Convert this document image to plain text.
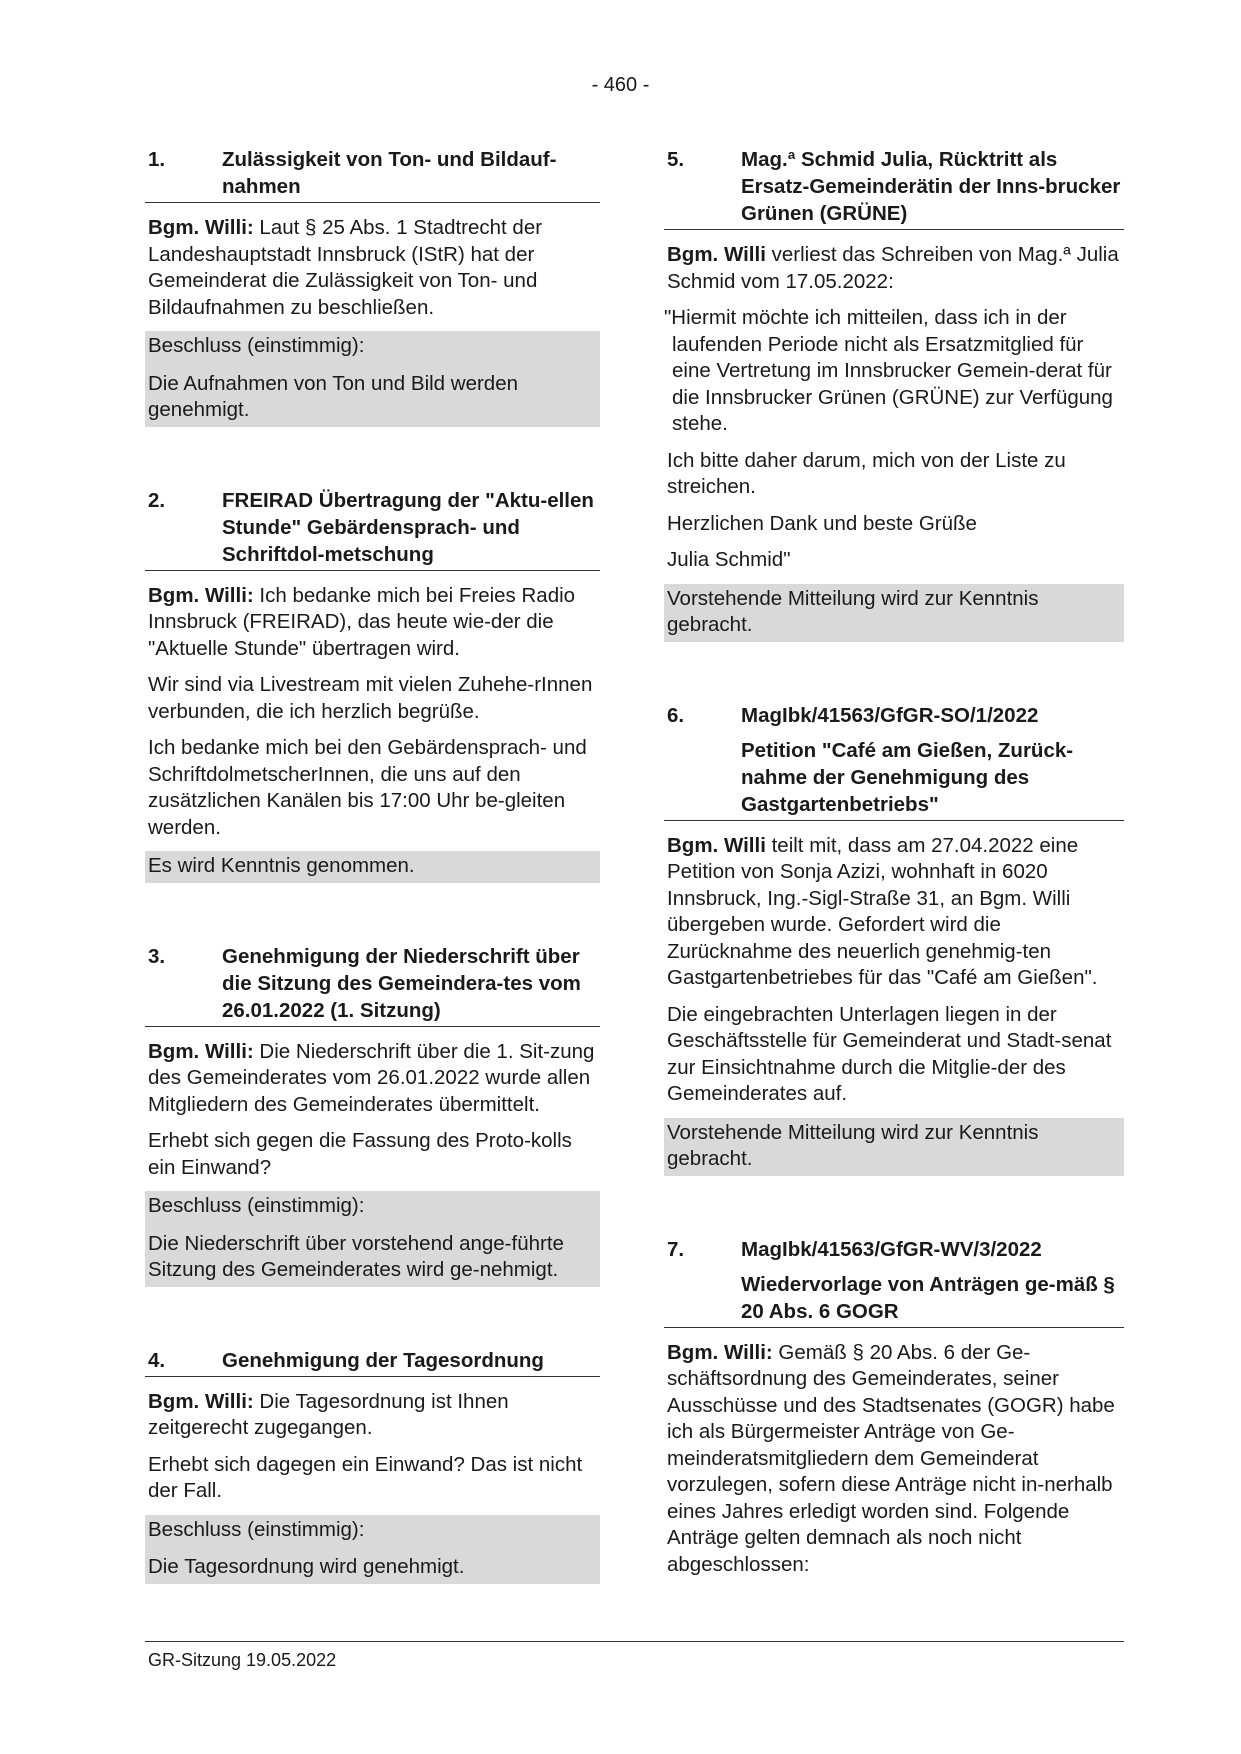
- 460 -
1.	Zulässigkeit von Ton- und Bildauf-nahmen

Bgm. Willi: Laut § 25 Abs. 1 Stadtrecht der Landeshauptstadt Innsbruck (IStR) hat der Gemeinderat die Zulässigkeit von Ton- und Bildaufnahmen zu beschließen.

Beschluss (einstimmig):
Die Aufnahmen von Ton und Bild werden genehmigt.
2.	FREIRAD Übertragung der "Aktu-ellen Stunde" Gebärdensprach- und Schriftdol-metschung

Bgm. Willi: Ich bedanke mich bei Freies Radio Innsbruck (FREIRAD), das heute wie-der die "Aktuelle Stunde" übertragen wird.

Wir sind via Livestream mit vielen Zuhehe-rInnen verbunden, die ich herzlich begrüße.

Ich bedanke mich bei den Gebärdensprach- und SchriftdolmetscherInnen, die uns auf den zusätzlichen Kanälen bis 17:00 Uhr be-gleiten werden.

Es wird Kenntnis genommen.
3.	Genehmigung der Niederschrift über die Sitzung des Gemeindera-tes vom 26.01.2022 (1. Sitzung)

Bgm. Willi: Die Niederschrift über die 1. Sit-zung des Gemeinderates vom 26.01.2022 wurde allen Mitgliedern des Gemeinderates übermittelt.

Erhebt sich gegen die Fassung des Proto-kolls ein Einwand?

Beschluss (einstimmig):
Die Niederschrift über vorstehend ange-führte Sitzung des Gemeinderates wird ge-nehmigt.
4.	Genehmigung der Tagesordnung

Bgm. Willi: Die Tagesordnung ist Ihnen zeitgerecht zugegangen.

Erhebt sich dagegen ein Einwand? Das ist nicht der Fall.

Beschluss (einstimmig):
Die Tagesordnung wird genehmigt.
5.	Mag.ª Schmid Julia, Rücktritt als Ersatz-Gemeinderätin der Inns-brucker Grünen (GRÜNE)

Bgm. Willi verliest das Schreiben von Mag.ª Julia Schmid vom 17.05.2022:

"Hiermit möchte ich mitteilen, dass ich in der laufenden Periode nicht als Ersatzmitglied für eine Vertretung im Innsbrucker Gemein-derat für die Innsbrucker Grünen (GRÜNE) zur Verfügung stehe.

Ich bitte daher darum, mich von der Liste zu streichen.

Herzlichen Dank und beste Grüße

Julia Schmid"

Vorstehende Mitteilung wird zur Kenntnis gebracht.
6.	MagIbk/41563/GfGR-SO/1/2022
Petition "Café am Gießen, Zurück-nahme der Genehmigung des Gastgartenbetriebs"

Bgm. Willi teilt mit, dass am 27.04.2022 eine Petition von Sonja Azizi, wohnhaft in 6020 Innsbruck, Ing.-Sigl-Straße 31, an Bgm. Willi übergeben wurde. Gefordert wird die Zurücknahme des neuerlich genehmig-ten Gastgartenbetriebes für das "Café am Gießen".

Die eingebrachten Unterlagen liegen in der Geschäftsstelle für Gemeinderat und Stadt-senat zur Einsichtnahme durch die Mitglie-der des Gemeinderates auf.

Vorstehende Mitteilung wird zur Kenntnis gebracht.
7.	MagIbk/41563/GfGR-WV/3/2022
Wiedervorlage von Anträgen ge-mäß § 20 Abs. 6 GOGR

Bgm. Willi: Gemäß § 20 Abs. 6 der Ge-schäftsordnung des Gemeinderates, seiner Ausschüsse und des Stadtsenates (GOGR) habe ich als Bürgermeister Anträge von Ge-meinderatsmitgliedern dem Gemeinderat vorzulegen, sofern diese Anträge nicht in-nerhalb eines Jahres erledigt worden sind. Folgende Anträge gelten demnach als noch nicht abgeschlossen:

GR-Sitzung 19.05.2022
